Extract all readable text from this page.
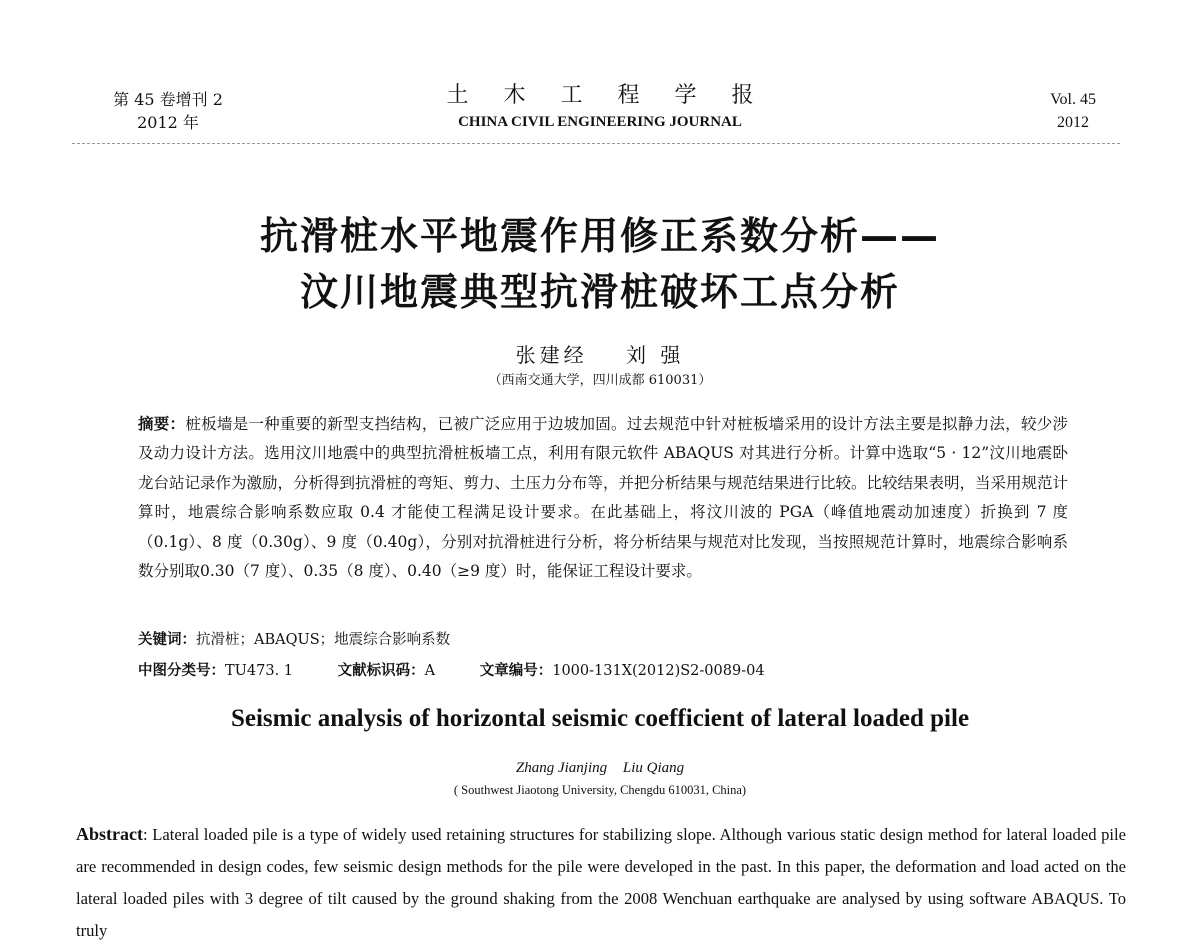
第 45 卷增刊 2
2012 年
土 木 工 程 学 报
CHINA CIVIL ENGINEERING JOURNAL
Vol. 45
2012
抗滑桩水平地震作用修正系数分析——
汶川地震典型抗滑桩破坏工点分析
张建经 刘 强
（西南交通大学，四川成都 610031）

摘要：桩板墙是一种重要的新型支挡结构，已被广泛应用于边坡加固。过去规范中针对桩板墙采用的设计方法主要是拟静力法，较少涉及动力设计方法。选用汶川地震中的典型抗滑桩板墙工点，利用有限元软件 ABAQUS 对其进行分析。计算中选取“5 · 12”汶川地震卧龙台站记录作为激励，分析得到抗滑桩的弯矩、剪力、土压力分布等，并把分析结果与规范结果进行比较。比较结果表明，当采用规范计算时，地震综合影响系数应取 0.4 才能使工程满足设计要求。在此基础上，将汶川波的 PGA（峰值地震动加速度）折换到 7 度（0.1g）、8 度（0.30g）、9 度（0.40g），分别对抗滑桩进行分析，将分析结果与规范对比发现，当按照规范计算时，地震综合影响系数分别取0.30（7 度）、0.35（8 度）、0.40（≥9 度）时，能保证工程设计要求。

关键词：抗滑桩；ABAQUS；地震综合影响系数
中图分类号：TU473. 1	文献标识码：A	文章编号：1000-131X(2012)S2-0089-04
Seismic analysis of horizontal seismic coefficient of lateral loaded pile
Zhang Jianjing Liu Qiang
( Southwest Jiaotong University, Chengdu 610031, China)

Abstract: Lateral loaded pile is a type of widely used retaining structures for stabilizing slope. Although various static design method for lateral loaded pile are recommended in design codes, few seismic design methods for the pile were developed in the past. In this paper, the deformation and load acted on the lateral loaded piles with 3 degree of tilt caused by the ground shaking from the 2008 Wenchuan earthquake are analysed by using software ABAQUS. To truly
